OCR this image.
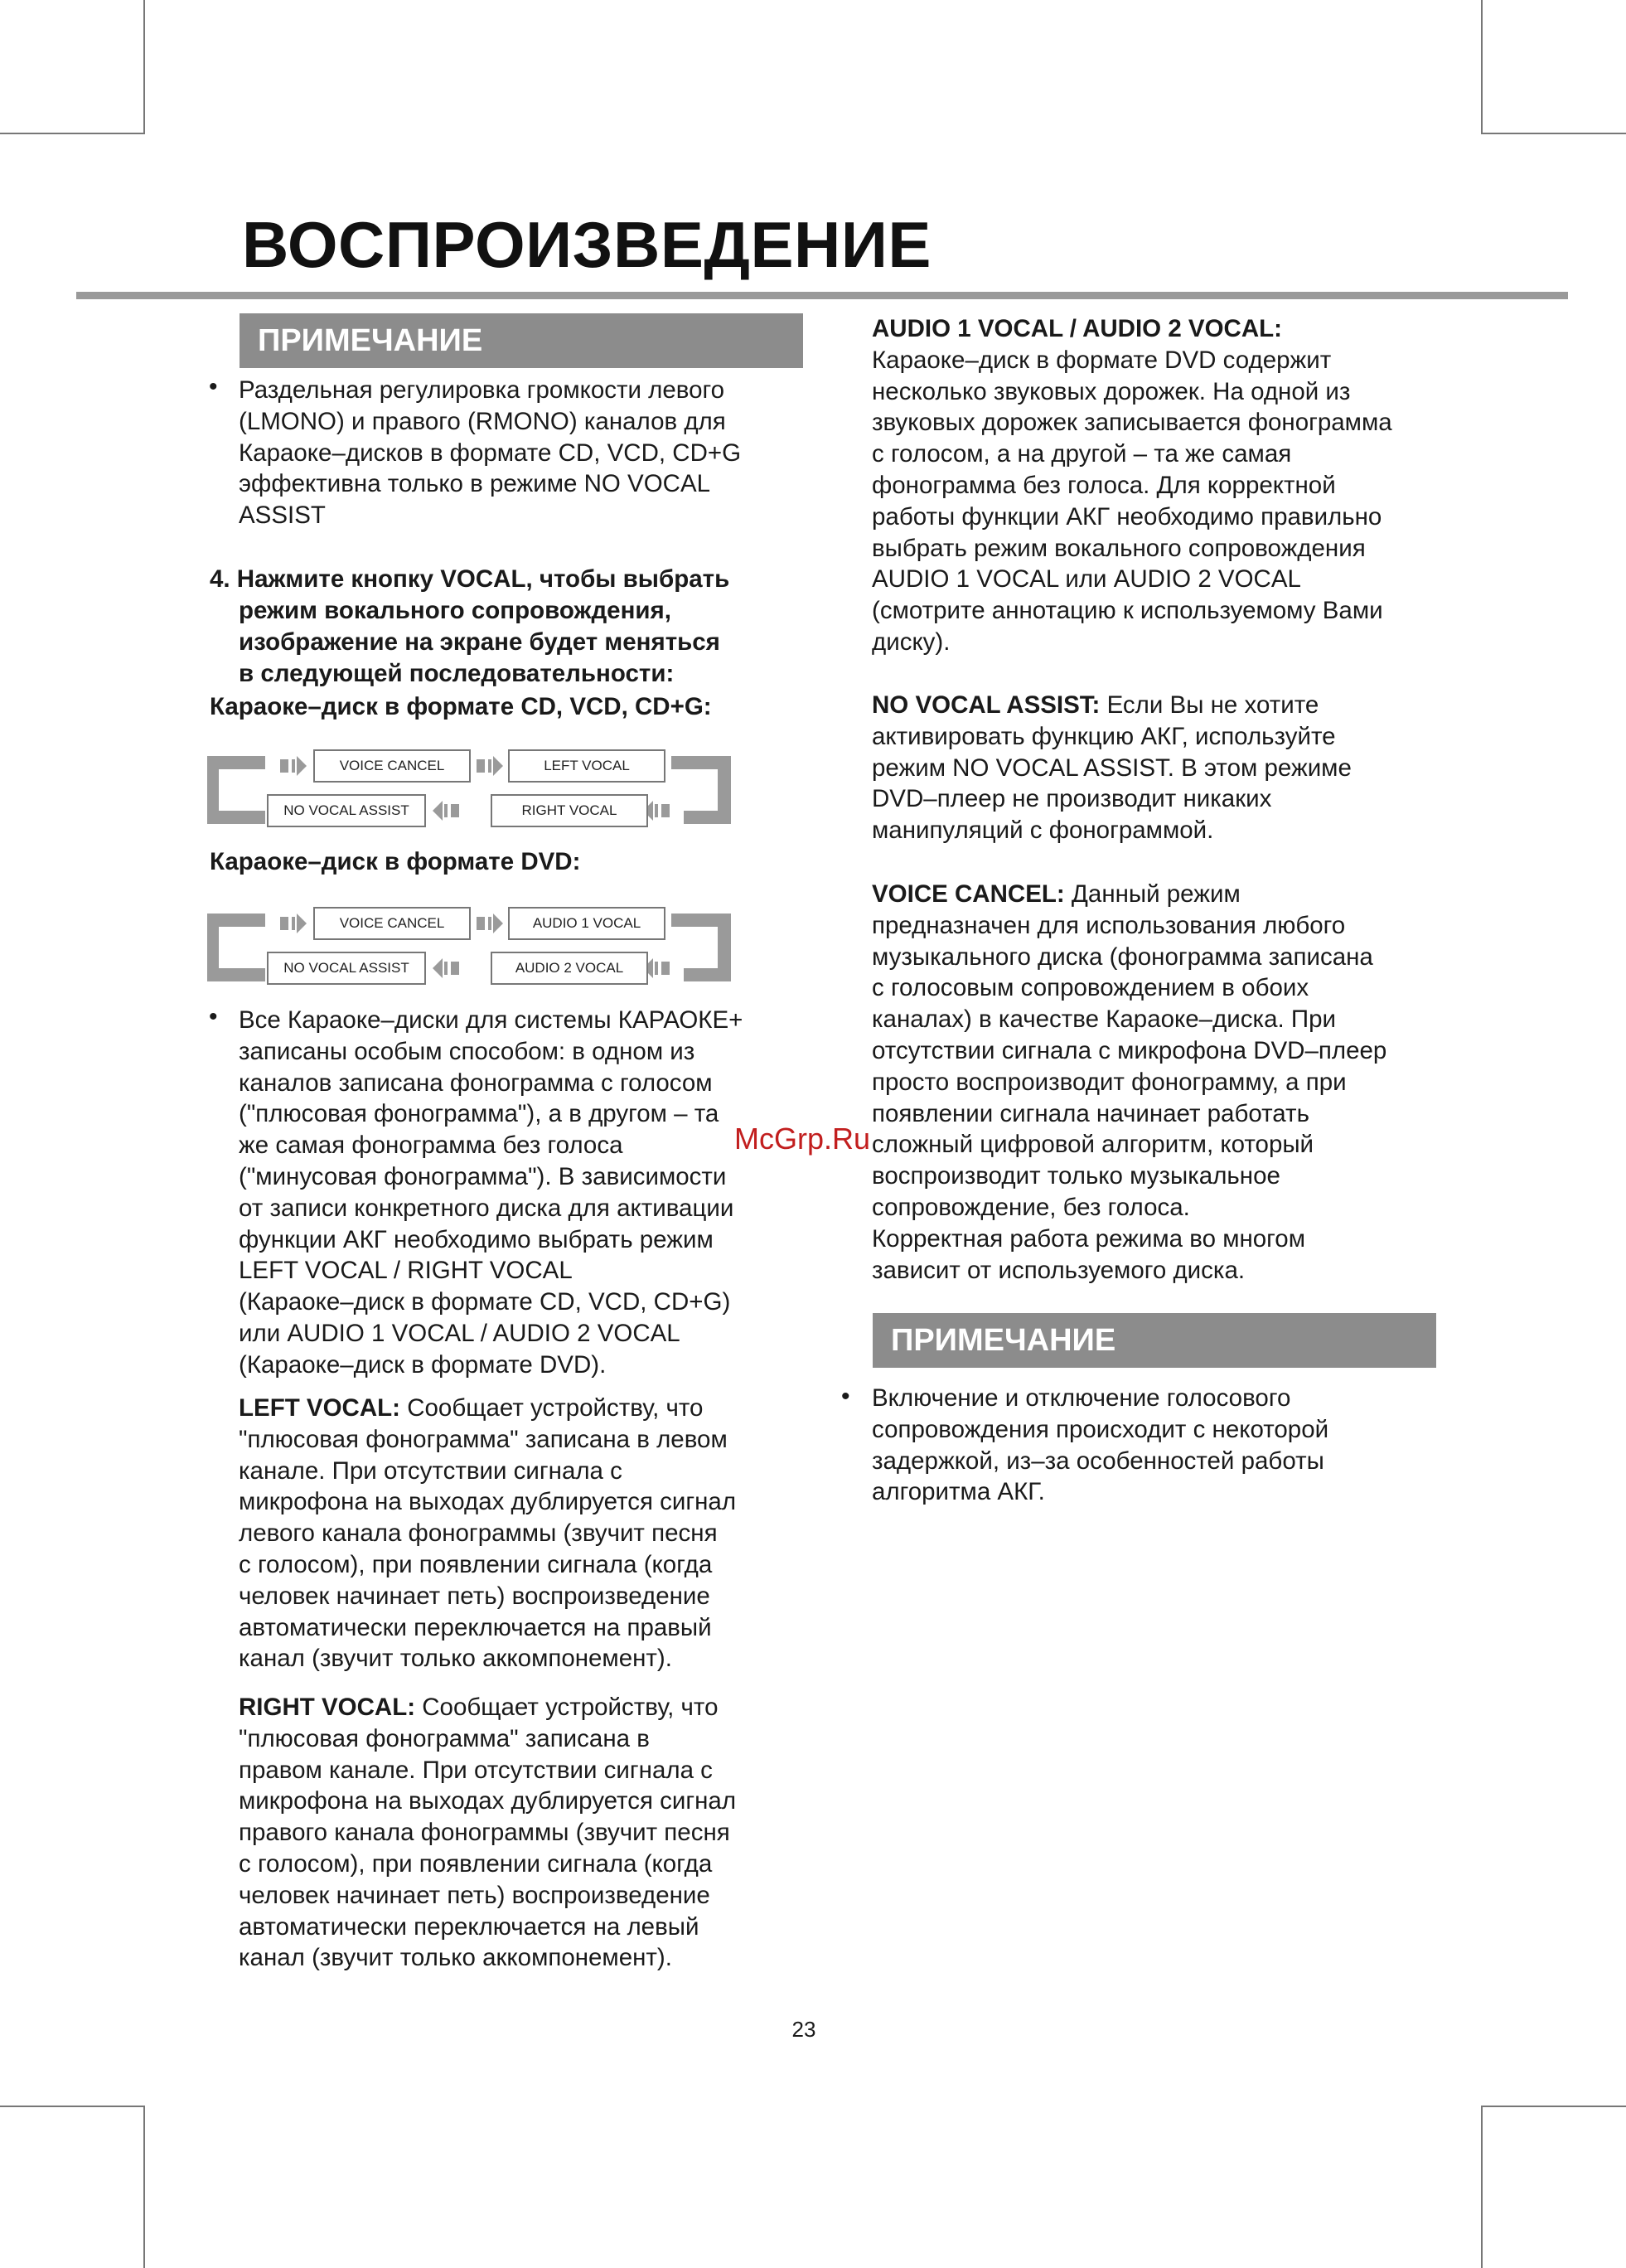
ВОСПРОИЗВЕДЕНИЕ
ПРИМЕЧАНИЕ
• Раздельная регулировка громкости левого
(LMONO) и правого (RMONO) каналов для
Караоке–дисков в формате CD, VCD, CD+G
эффективна только в режиме NO VOCAL
ASSIST

4. Нажмите кнопку VOCAL, чтобы выбрать

режим вокального сопровождения,
изображение на экране будет меняться
в следующей последовательности:

Караоке–диск в формате CD, VCD, CD+G:

VOICE CANCEL	LEFT VOCAL
NO VOCAL ASSIST	RIGHT VOCAL

Караоке–диск в формате DVD:

VOICE CANCEL	AUDIO 1 VOCAL
NO VOCAL ASSIST	AUDIO 2 VOCAL
• Все Караоке–диски для системы КАРАОКЕ+
записаны особым способом: в одном из
каналов записана фонограмма с голосом
("плюсовая фонограмма"), а в другом – та
же самая фонограмма без голоса
("минусовая фонограмма"). В зависимости
от записи конкретного диска для активации
функции АКГ необходимо выбрать режим
LEFT VOCAL / RIGHT VOCAL
(Караоке–диск в формате CD, VCD, CD+G)
или AUDIO 1 VOCAL / AUDIO 2 VOCAL
(Караоке–диск в формате DVD).

LEFT VOCAL: Сообщает устройству, что
"плюсовая фонограмма" записана в левом
канале. При отсутствии сигнала с
микрофона на выходах дублируется сигнал
левого канала фонограммы (звучит песня
с голосом), при появлении сигнала (когда
человек начинает петь) воспроизведение
автоматически переключается на правый
канал (звучит только аккомпонемент).

RIGHT VOCAL: Сообщает устройству, что
"плюсовая фонограмма" записана в
правом канале. При отсутствии сигнала с
микрофона на выходах дублируется сигнал
правого канала фонограммы (звучит песня
с голосом), при появлении сигнала (когда
человек начинает петь) воспроизведение
автоматически переключается на левый
канал (звучит только аккомпонемент).

AUDIO 1 VOCAL / AUDIO 2 VOCAL:
Караоке–диск в формате DVD содержит
несколько звуковых дорожек. На одной из
звуковых дорожек записывается фонограмма
с голосом, а на другой – та же самая
фонограмма без голоса. Для корректной
работы функции АКГ необходимо правильно
выбрать режим вокального сопровождения
AUDIO 1 VOCAL или AUDIO 2 VOCAL
(смотрите аннотацию к используемому Вами
диску).

NO VOCAL ASSIST: Если Вы не хотите
активировать функцию АКГ, используйте
режим NO VOCAL ASSIST. В этом режиме
DVD–плеер не производит никаких
манипуляций с фонограммой.

VOICE CANCEL: Данный режим
предназначен для использования любого
музыкального диска (фонограмма записана
с голосовым сопровождением в обоих
каналах) в качестве Караоке–диска. При
отсутствии сигнала с микрофона DVD–плеер
просто воспроизводит фонограмму, а при
появлении сигнала начинает работать
сложный цифровой алгоритм, который
воспроизводит только музыкальное
сопровождение, без голоса.
Корректная работа режима во многом
зависит от используемого диска.

ПРИМЕЧАНИЕ
• Включение и отключение голосового
сопровождения происходит с некоторой
задержкой, из–за особенностей работы
алгоритма АКГ.

McGrp.Ru
23
